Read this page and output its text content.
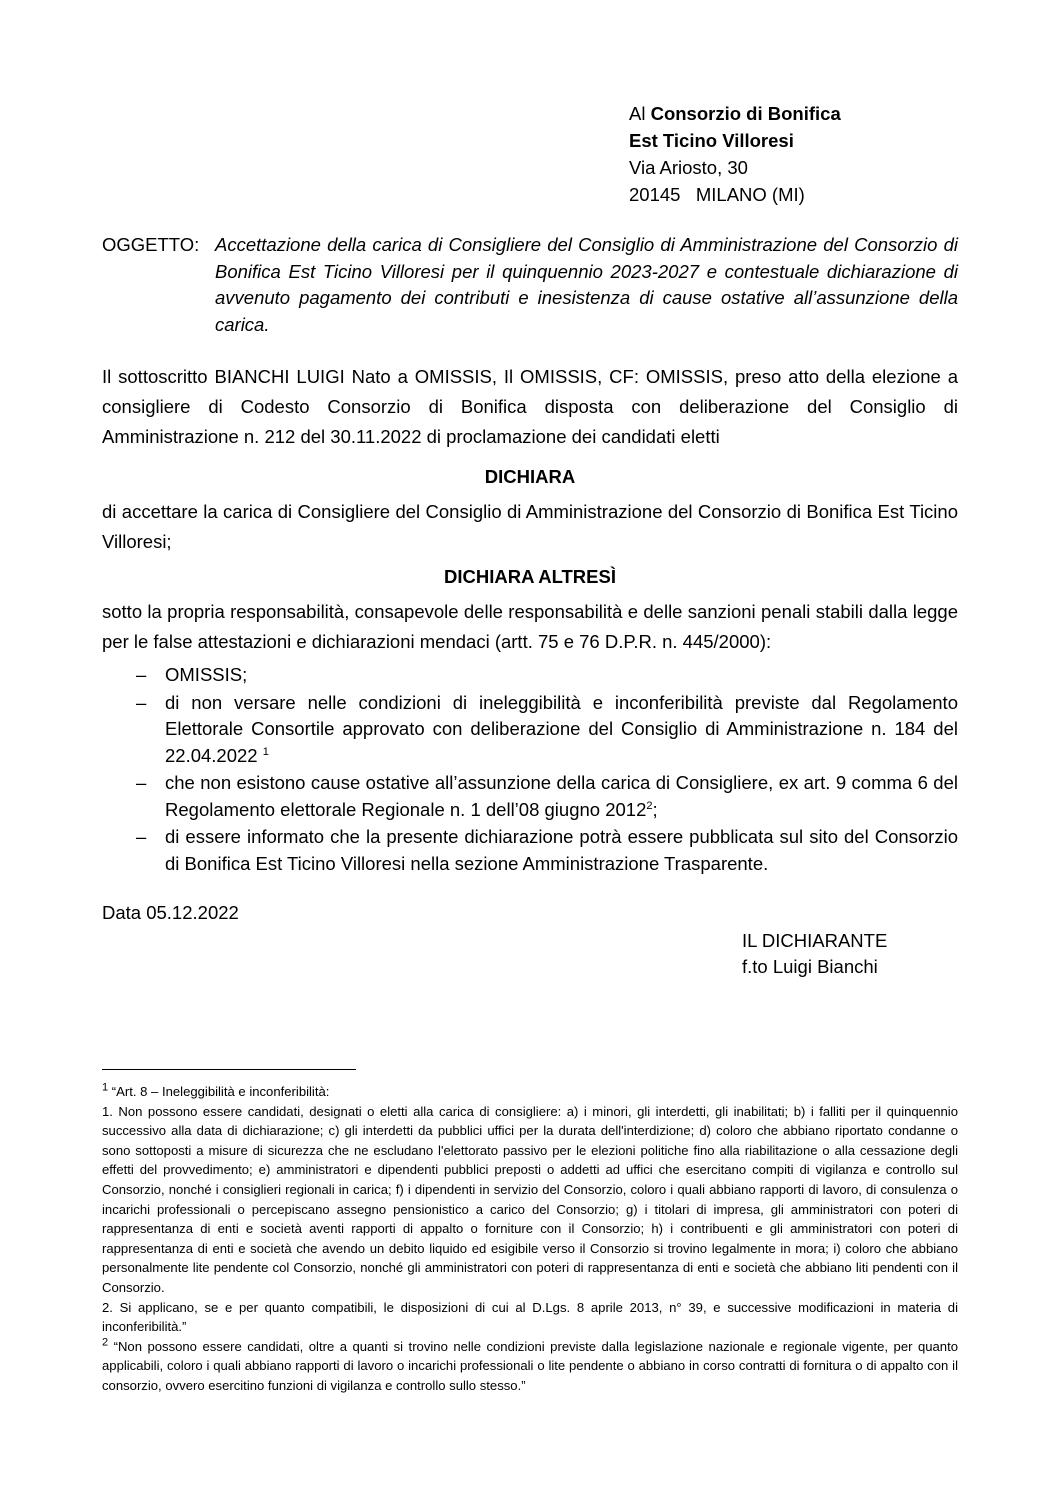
Al Consorzio di Bonifica
Est Ticino Villoresi
Via Ariosto, 30
20145   MILANO (MI)
OGGETTO: Accettazione della carica di Consigliere del Consiglio di Amministrazione del Consorzio di Bonifica Est Ticino Villoresi per il quinquennio 2023-2027 e contestuale dichiarazione di avvenuto pagamento dei contributi e inesistenza di cause ostative all’assunzione della carica.
Il sottoscritto BIANCHI LUIGI Nato a OMISSIS, Il OMISSIS, CF: OMISSIS, preso atto della elezione a consigliere di Codesto Consorzio di Bonifica disposta con deliberazione del Consiglio di Amministrazione n. 212 del 30.11.2022 di proclamazione dei candidati eletti
DICHIARA
di accettare la carica di Consigliere del Consiglio di Amministrazione del Consorzio di Bonifica Est Ticino Villoresi;
DICHIARA ALTRESÌ
sotto la propria responsabilità, consapevole delle responsabilità e delle sanzioni penali stabili dalla legge per le false attestazioni e dichiarazioni mendaci (artt. 75 e 76 D.P.R. n. 445/2000):
– OMISSIS;
– di non versare nelle condizioni di ineleggibilità e inconferibilità previste dal Regolamento Elettorale Consortile approvato con deliberazione del Consiglio di Amministrazione n. 184 del 22.04.2022 $^1$
– che non esistono cause ostative all’assunzione della carica di Consigliere, ex art. 9 comma 6 del Regolamento elettorale Regionale n. 1 dell’08 giugno 2012$^2$;
– di essere informato che la presente dichiarazione potrà essere pubblicata sul sito del Consorzio di Bonifica Est Ticino Villoresi nella sezione Amministrazione Trasparente.
Data 05.12.2022
IL DICHIARANTE
f.to Luigi Bianchi

$^1$ “Art. 8 – Ineleggibilità e inconferibilità:

1. Non possono essere candidati, designati o eletti alla carica di consigliere: a) i minori, gli interdetti, gli inabilitati; b) i falliti per il quinquennio successivo alla data di dichiarazione; c) gli interdetti da pubblici uffici per la durata dell'interdizione; d) coloro che abbiano riportato condanne o sono sottoposti a misure di sicurezza che ne escludano l'elettorato passivo per le elezioni politiche fino alla riabilitazione o alla cessazione degli effetti del provvedimento; e) amministratori e dipendenti pubblici preposti o addetti ad uffici che esercitano compiti di vigilanza e controllo sul Consorzio, nonché i consiglieri regionali in carica; f) i dipendenti in servizio del Consorzio, coloro i quali abbiano rapporti di lavoro, di consulenza o incarichi professionali o percepiscano assegno pensionistico a carico del Consorzio; g) i titolari di impresa, gli amministratori con poteri di rappresentanza di enti e società aventi rapporti di appalto o forniture con il Consorzio; h) i contribuenti e gli amministratori con poteri di rappresentanza di enti e società che avendo un debito liquido ed esigibile verso il Consorzio si trovino legalmente in mora; i) coloro che abbiano personalmente lite pendente col Consorzio, nonché gli amministratori con poteri di rappresentanza di enti e società che abbiano liti pendenti con il Consorzio.

2. Si applicano, se e per quanto compatibili, le disposizioni di cui al D.Lgs. 8 aprile 2013, n° 39, e successive modificazioni in materia di inconferibilità.”

$^2$ “Non possono essere candidati, oltre a quanti si trovino nelle condizioni previste dalla legislazione nazionale e regionale vigente, per quanto applicabili, coloro i quali abbiano rapporti di lavoro o incarichi professionali o lite pendente o abbiano in corso contratti di fornitura o di appalto con il consorzio, ovvero esercitino funzioni di vigilanza e controllo sullo stesso.”
